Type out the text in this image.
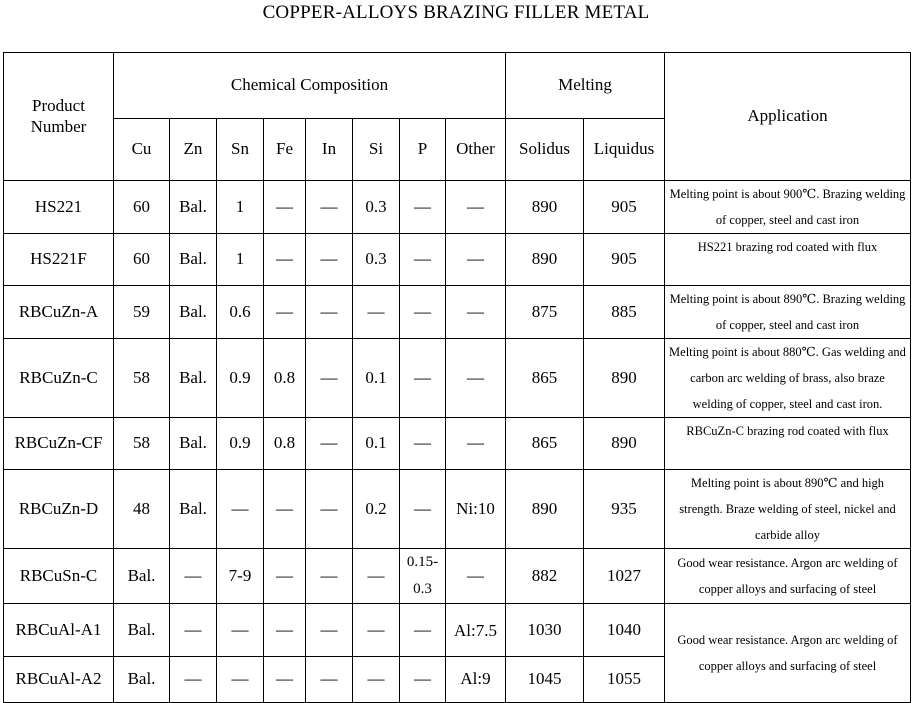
COPPER-ALLOYS BRAZING FILLER METAL
Product Number	Chemical Composition								Melting		Application
	Cu	Zn	Sn	Fe	In	Si	P	Other	Solidus	Liquidus	
HS221	60	Bal.	1	—	—	0.3	—	—	890	905	Melting point is about 900℃. Brazing welding of copper, steel and cast iron
HS221F	60	Bal.	1	—	—	0.3	—	—	890	905	HS221 brazing rod coated with flux
RBCuZn-A	59	Bal.	0.6	—	—	—	—	—	875	885	Melting point is about 890℃. Brazing welding of copper, steel and cast iron
RBCuZn-C	58	Bal.	0.9	0.8	—	0.1	—	—	865	890	Melting point is about 880℃. Gas welding and carbon arc welding of brass, also braze welding of copper, steel and cast iron.
RBCuZn-CF	58	Bal.	0.9	0.8	—	0.1	—	—	865	890	RBCuZn-C brazing rod coated with flux
RBCuZn-D	48	Bal.	—	—	—	0.2	—	Ni:10	890	935	Melting point is about 890℃ and high strength. Braze welding of steel, nickel and carbide alloy
RBCuSn-C	Bal.	—	7-9	—	—	—	0.15-0.3	—	882	1027	Good wear resistance. Argon arc welding of copper alloys and surfacing of steel
RBCuAl-A1	Bal.	—	—	—	—	—	—	Al:7.5	1030	1040	Good wear resistance. Argon arc welding of copper alloys and surfacing of steel
RBCuAl-A2	Bal.	—	—	—	—	—	—	Al:9	1045	1055	
